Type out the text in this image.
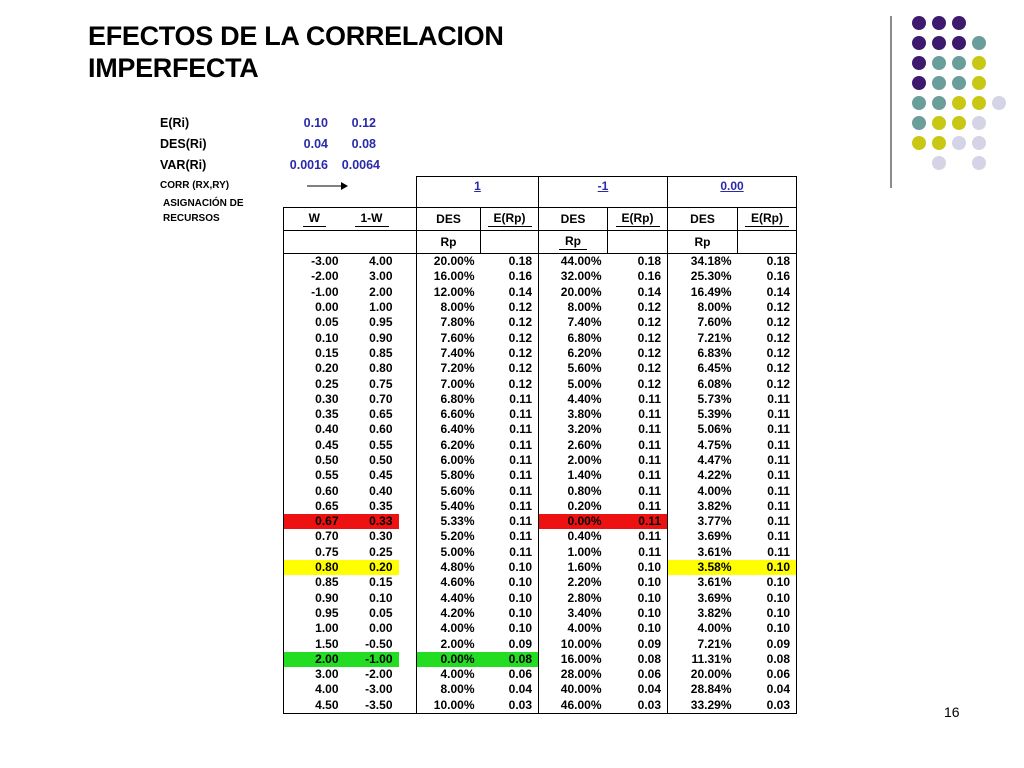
EFECTOS DE LA CORRELACION
IMPERFECTA
E(Ri)	0.10	0.12
DES(Ri)	0.04	0.08
VAR(Ri)	0.0016	0.0064
CORR (RX,RY)
ASIGNACIÓN DE
RECURSOS
			1		-1		0.00	
W	1-W		DES	E(Rp)	DES	E(Rp)	DES	E(Rp)
			Rp		Rp		Rp	
-3.00	4.00		20.00%	0.18	44.00%	0.18	34.18%	0.18
-2.00	3.00		16.00%	0.16	32.00%	0.16	25.30%	0.16
-1.00	2.00		12.00%	0.14	20.00%	0.14	16.49%	0.14
0.00	1.00		8.00%	0.12	8.00%	0.12	8.00%	0.12
0.05	0.95		7.80%	0.12	7.40%	0.12	7.60%	0.12
0.10	0.90		7.60%	0.12	6.80%	0.12	7.21%	0.12
0.15	0.85		7.40%	0.12	6.20%	0.12	6.83%	0.12
0.20	0.80		7.20%	0.12	5.60%	0.12	6.45%	0.12
0.25	0.75		7.00%	0.12	5.00%	0.12	6.08%	0.12
0.30	0.70		6.80%	0.11	4.40%	0.11	5.73%	0.11
0.35	0.65		6.60%	0.11	3.80%	0.11	5.39%	0.11
0.40	0.60		6.40%	0.11	3.20%	0.11	5.06%	0.11
0.45	0.55		6.20%	0.11	2.60%	0.11	4.75%	0.11
0.50	0.50		6.00%	0.11	2.00%	0.11	4.47%	0.11
0.55	0.45		5.80%	0.11	1.40%	0.11	4.22%	0.11
0.60	0.40		5.60%	0.11	0.80%	0.11	4.00%	0.11
0.65	0.35		5.40%	0.11	0.20%	0.11	3.82%	0.11
0.67	0.33		5.33%	0.11	0.00%	0.11	3.77%	0.11
0.70	0.30		5.20%	0.11	0.40%	0.11	3.69%	0.11
0.75	0.25		5.00%	0.11	1.00%	0.11	3.61%	0.11
0.80	0.20		4.80%	0.10	1.60%	0.10	3.58%	0.10
0.85	0.15		4.60%	0.10	2.20%	0.10	3.61%	0.10
0.90	0.10		4.40%	0.10	2.80%	0.10	3.69%	0.10
0.95	0.05		4.20%	0.10	3.40%	0.10	3.82%	0.10
1.00	0.00		4.00%	0.10	4.00%	0.10	4.00%	0.10
1.50	-0.50		2.00%	0.09	10.00%	0.09	7.21%	0.09
2.00	-1.00		0.00%	0.08	16.00%	0.08	11.31%	0.08
3.00	-2.00		4.00%	0.06	28.00%	0.06	20.00%	0.06
4.00	-3.00		8.00%	0.04	40.00%	0.04	28.84%	0.04
4.50	-3.50		10.00%	0.03	46.00%	0.03	33.29%	0.03	16
